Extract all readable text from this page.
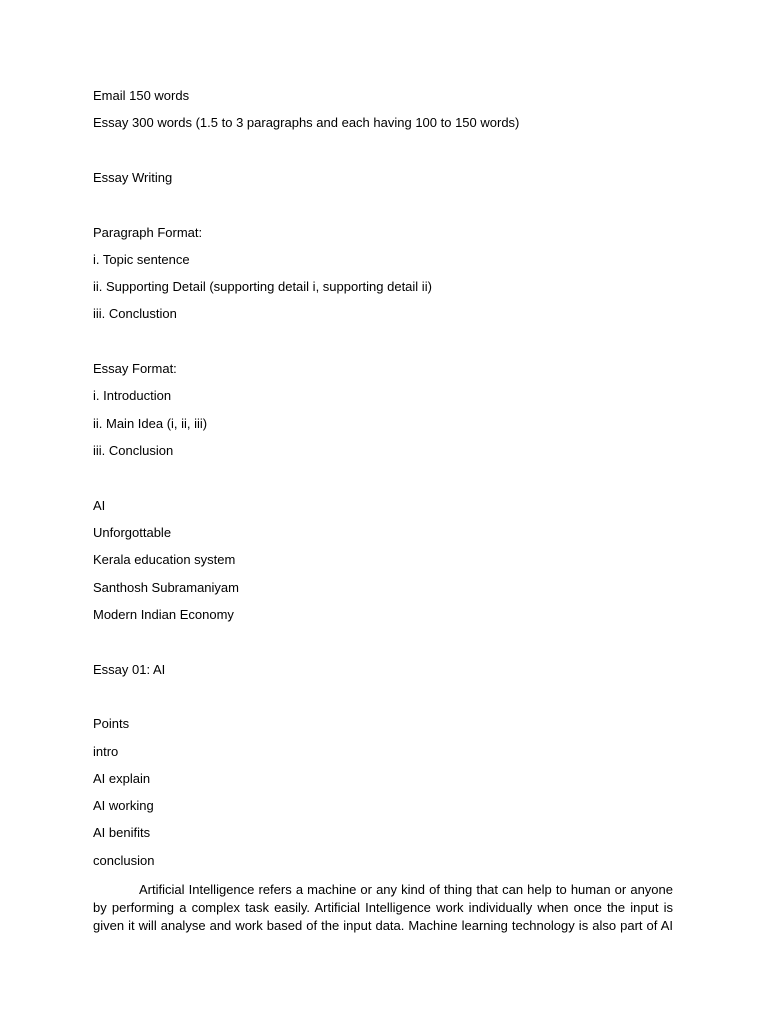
Email 150 words
Essay 300 words (1.5 to 3 paragraphs and each having 100 to 150 words)
Essay Writing
Paragraph Format:
i. Topic sentence
ii. Supporting Detail (supporting detail i, supporting detail ii)
iii. Conclustion
Essay Format:
i. Introduction
ii. Main Idea (i, ii, iii)
iii. Conclusion
AI
Unforgottable
Kerala education system
Santhosh Subramaniyam
Modern Indian Economy
Essay 01: AI
Points
intro
AI explain
AI working
AI benifits
conclusion
Artificial Intelligence refers a machine or any kind of thing that can help to human or anyone
by performing a complex task easily. Artificial Intelligence work individually when once the input is
given it will analyse and work based of the input data. Machine learning technology is also part of AI
